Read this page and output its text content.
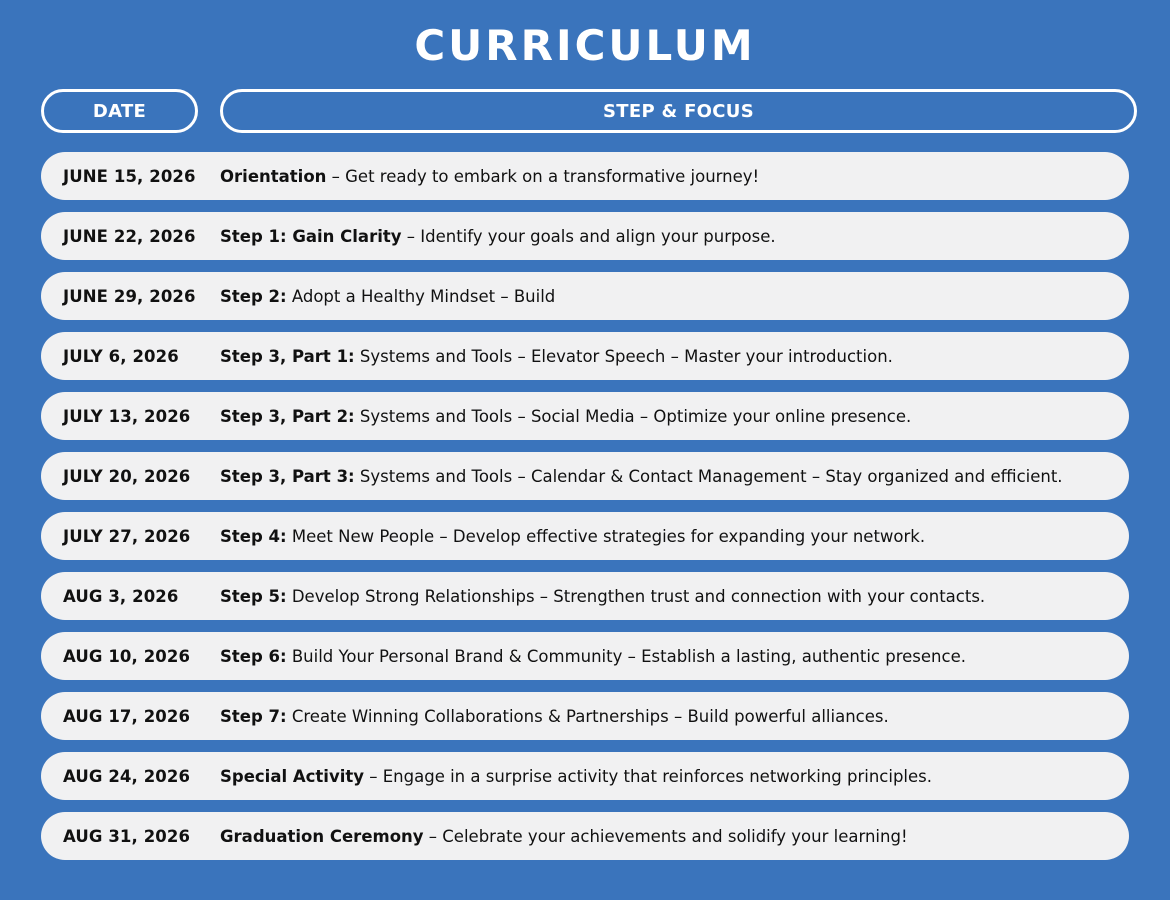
CURRICULUM
DATE	STEP & FOCUS
JUNE 15, 2026	Orientation – Get ready to embark on a transformative journey!
JUNE 22, 2026	Step 1: Gain Clarity – Identify your goals and align your purpose.
JUNE 29, 2026	Step 2: Adopt a Healthy Mindset – Build
JULY 6, 2026	Step 3, Part 1: Systems and Tools – Elevator Speech – Master your introduction.
JULY 13, 2026	Step 3, Part 2: Systems and Tools – Social Media – Optimize your online presence.
JULY 20, 2026	Step 3, Part 3: Systems and Tools – Calendar & Contact Management – Stay organized and efficient.
JULY 27, 2026	Step 4: Meet New People – Develop effective strategies for expanding your network.
AUG 3, 2026	Step 5: Develop Strong Relationships – Strengthen trust and connection with your contacts.
AUG 10, 2026	Step 6: Build Your Personal Brand & Community – Establish a lasting, authentic presence.
AUG 17, 2026	Step 7: Create Winning Collaborations & Partnerships – Build powerful alliances.
AUG 24, 2026	Special Activity – Engage in a surprise activity that reinforces networking principles.
AUG 31, 2026	Graduation Ceremony – Celebrate your achievements and solidify your learning!
